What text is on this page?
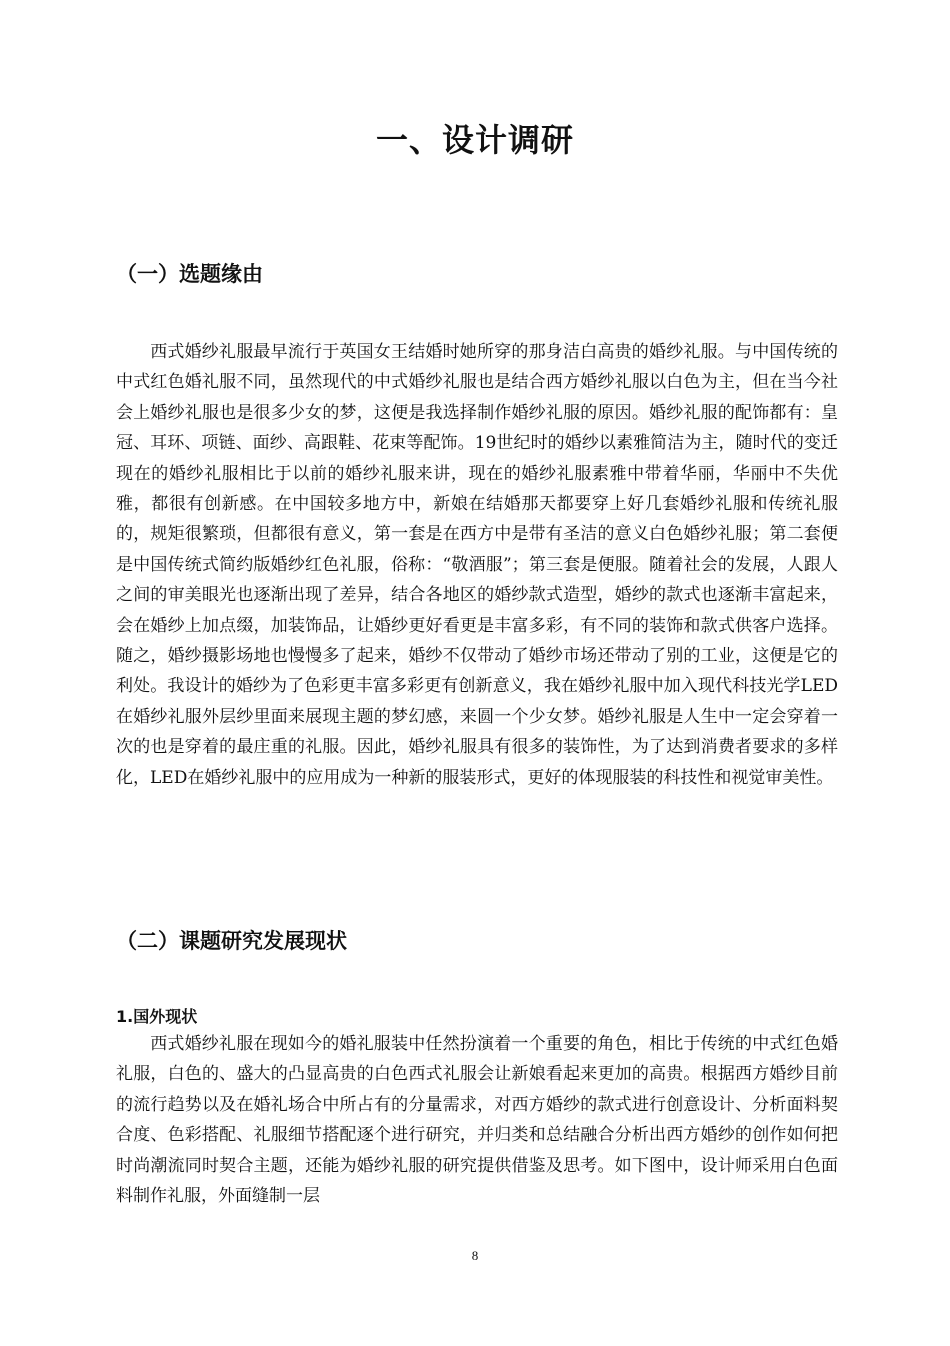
一、设计调研
（一）选题缘由

西式婚纱礼服最早流行于英国女王结婚时她所穿的那身洁白高贵的婚纱礼服。与中国传统的中式红色婚礼服不同，虽然现代的中式婚纱礼服也是结合西方婚纱礼服以白色为主，但在当今社会上婚纱礼服也是很多少女的梦，这便是我选择制作婚纱礼服的原因。婚纱礼服的配饰都有：皇冠、耳环、项链、面纱、高跟鞋、花束等配饰。19世纪时的婚纱以素雅简洁为主，随时代的变迁现在的婚纱礼服相比于以前的婚纱礼服来讲，现在的婚纱礼服素雅中带着华丽，华丽中不失优雅，都很有创新感。在中国较多地方中，新娘在结婚那天都要穿上好几套婚纱礼服和传统礼服的，规矩很繁琐，但都很有意义，第一套是在西方中是带有圣洁的意义白色婚纱礼服；第二套便是中国传统式简约版婚纱红色礼服，俗称：“敬酒服”；第三套是便服。随着社会的发展，人跟人之间的审美眼光也逐渐出现了差异，结合各地区的婚纱款式造型，婚纱的款式也逐渐丰富起来，会在婚纱上加点缀，加装饰品，让婚纱更好看更是丰富多彩，有不同的装饰和款式供客户选择。随之，婚纱摄影场地也慢慢多了起来，婚纱不仅带动了婚纱市场还带动了别的工业，这便是它的利处。我设计的婚纱为了色彩更丰富多彩更有创新意义，我在婚纱礼服中加入现代科技光学LED在婚纱礼服外层纱里面来展现主题的梦幻感，来圆一个少女梦。婚纱礼服是人生中一定会穿着一次的也是穿着的最庄重的礼服。因此，婚纱礼服具有很多的装饰性，为了达到消费者要求的多样化，LED在婚纱礼服中的应用成为一种新的服装形式，更好的体现服装的科技性和视觉审美性。

（二）课题研究发展现状
1.国外现状

西式婚纱礼服在现如今的婚礼服装中任然扮演着一个重要的角色，相比于传统的中式红色婚礼服，白色的、盛大的凸显高贵的白色西式礼服会让新娘看起来更加的高贵。根据西方婚纱目前的流行趋势以及在婚礼场合中所占有的分量需求，对西方婚纱的款式进行创意设计、分析面料契合度、色彩搭配、礼服细节搭配逐个进行研究，并归类和总结融合分析出西方婚纱的创作如何把时尚潮流同时契合主题，还能为婚纱礼服的研究提供借鉴及思考。如下图中，设计师采用白色面料制作礼服，外面缝制一层

8
